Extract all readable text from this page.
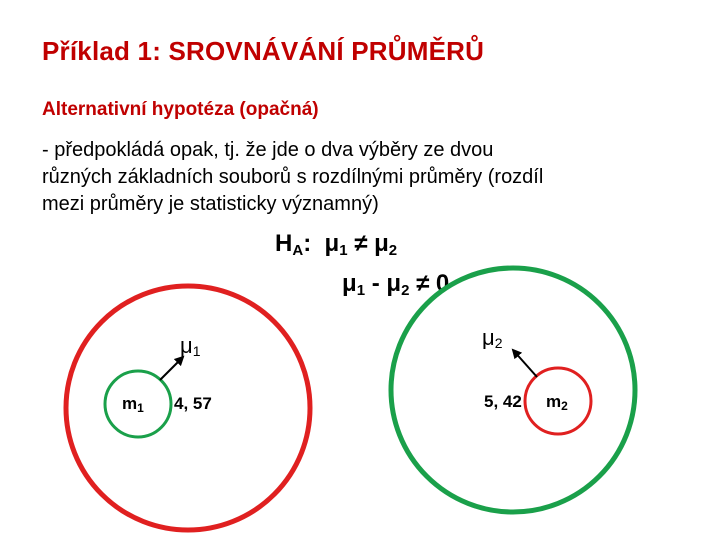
Příklad 1: SROVNÁVÁNÍ PRŮMĚRŮ
Alternativní hypotéza (opačná)
- předpokládá opak, tj. že jde o dva výběry ze dvou
různých základních souborů s rozdílnými průměry (rozdíl
mezi průměry je statisticky významný)
$H_A$: $\mu_1 \ne \mu_2$
$\mu_1 - \mu_2 \ne 0$
$\mu_1$
$\mu_2$
$m_1$	$m_2$
4, 57	5, 42
